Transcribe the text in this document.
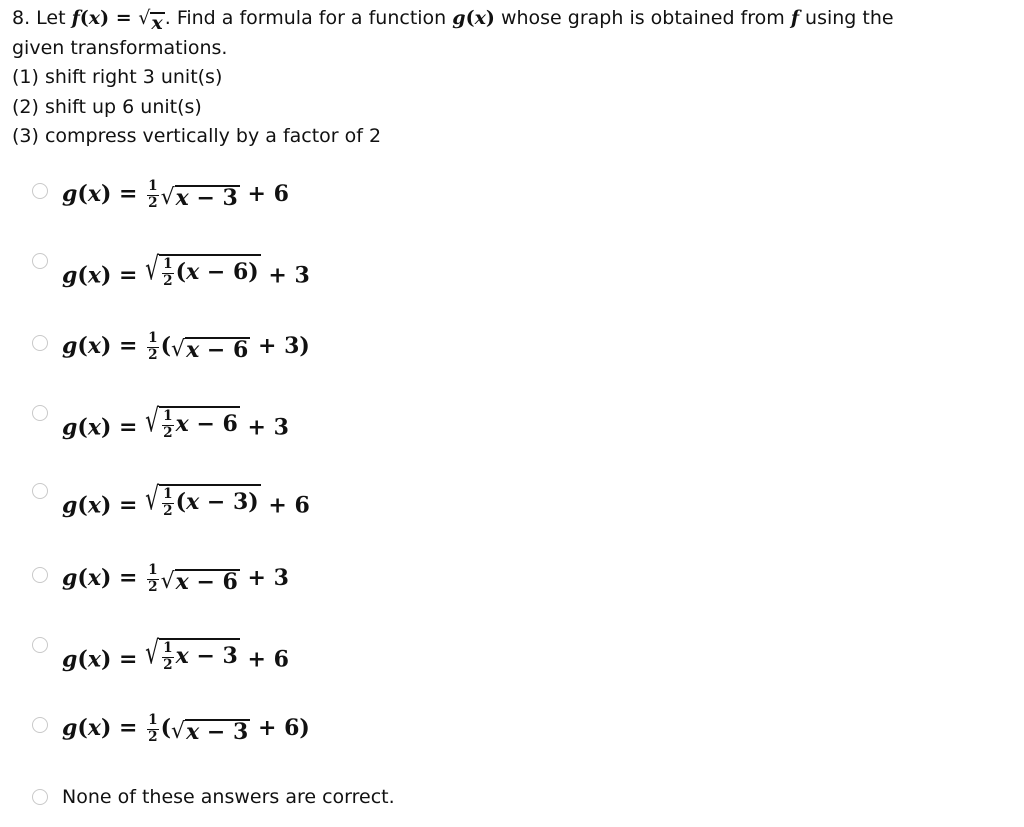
8. Let f(x) = √ x . Find a formula for a function g(x) whose graph is obtained from f using the
given transformations.
(1) shift right 3 unit(s)
(2) shift up 6 unit(s)
(3) compress vertically by a factor of 2
$g(x) = \frac{1}{2}$ √ x − 3 + 6
g(x) = √ $\frac{1}{2} (x - 6) + 3$
$g(x) = \frac{1}{2}$ ( √ x − 6 + 3)
g(x) = √ $\frac{1}{2}$ x − 6 + 3
g(x) = √ $\frac{1}{2} (x - 3) + 6$
$g(x) = \frac{1}{2}$ √ x − 6 + 3
g(x) = √ $\frac{1}{2}$ x − 3 + 6
$g(x) = \frac{1}{2}$ ( √ x − 3 + 6)
None of these answers are correct.
